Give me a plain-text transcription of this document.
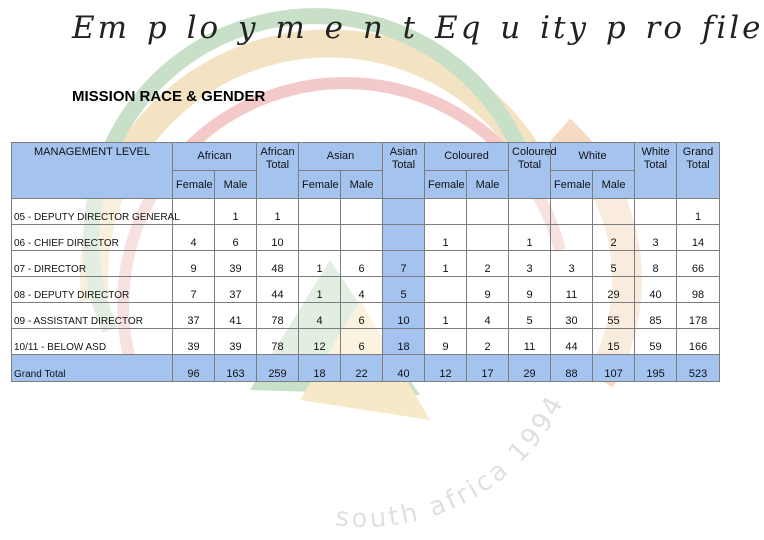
south africa 1994
Em p lo y m e n t Eq u ity p ro file
MISSION RACE & GENDER
MANAGEMENT LEVEL	African		African Total	Asian		Asian Total	Coloured		Coloured Total	White		White Total	Grand Total
	Female	Male		Female	Male		Female	Male		Female	Male		
05 - DEPUTY DIRECTOR GENERAL		1	1										1
06 - CHIEF DIRECTOR	4	6	10				1		1		2	3	14
07 - DIRECTOR	9	39	48	1	6	7	1	2	3	3	5	8	66
08 - DEPUTY DIRECTOR	7	37	44	1	4	5		9	9	11	29	40	98
09 - ASSISTANT DIRECTOR	37	41	78	4	6	10	1	4	5	30	55	85	178
10/11 - BELOW ASD	39	39	78	12	6	18	9	2	11	44	15	59	166
Grand Total	96	163	259	18	22	40	12	17	29	88	107	195	523
